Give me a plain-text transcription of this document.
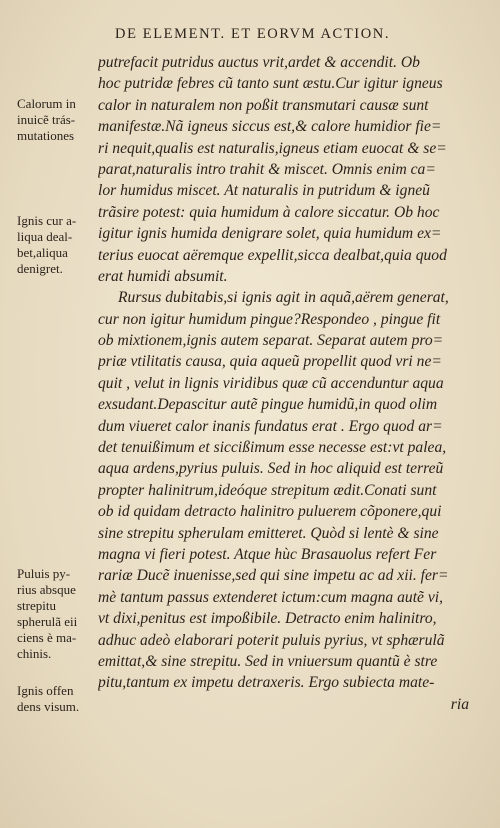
DE ELEMENT. ET EORVM ACTION.
putrefacit putridus auctus vrit,ardet & accendit. Ob
hoc putridæ febres cũ tanto sunt æstu.Cur igitur igneus
calor in naturalem non poßit transmutari causæ sunt
manifestæ.Nã igneus siccus est,& calore humidior fie=
ri nequit,qualis est naturalis,igneus etiam euocat & se=
parat,naturalis intro trahit & miscet. Omnis enim ca=
lor humidus miscet. At naturalis in putridum & igneũ
trãsire potest: quia humidum à calore siccatur. Ob hoc
igitur ignis humida denigrare solet, quia humidum ex=
terius euocat aëremque expellit,sicca dealbat,quia quod
erat humidi absumit.
Rursus dubitabis,si ignis agit in aquã,aërem generat,
cur non igitur humidum pingue?Respondeo , pingue fit
ob mixtionem,ignis autem separat. Separat autem pro=
priæ vtilitatis causa, quia aqueũ propellit quod vri ne=
quit , velut in lignis viridibus quæ cũ accenduntur aqua
exsudant.Depascitur autẽ pingue humidũ,in quod olim
dum viueret calor inanis fundatus erat . Ergo quod ar=
det tenuißimum et siccißimum esse necesse est:vt palea,
aqua ardens,pyrius puluis. Sed in hoc aliquid est terreũ
propter halinitrum,ideóque strepitum ædit.Conati sunt
ob id quidam detracto halinitro puluerem cõponere,qui
sine strepitu spherulam emitteret. Quòd si lentè & sine
magna vi fieri potest. Atque hùc Brasauolus refert Fer
rariæ Ducẽ inuenisse,sed qui sine impetu ac ad xii. fer=
mè tantum passus extenderet ictum:cum magna autẽ vi,
vt dixi,penitus est impoßibile. Detracto enim halinitro,
adhuc adeò elaborari poterit puluis pyrius, vt sphærulã
emittat,& sine strepitu. Sed in vniuersum quantũ è stre
pitu,tantum ex impetu detraxeris. Ergo subiecta mate-
ria
Calorum in
inuicẽ trás-
mutationes
Ignis cur a-
liqua deal-
bet,aliqua
denigret.
Puluis py-
rius absque
strepitu
spherulã eii
ciens è ma-
chinis.
Ignis offen
dens visum.
